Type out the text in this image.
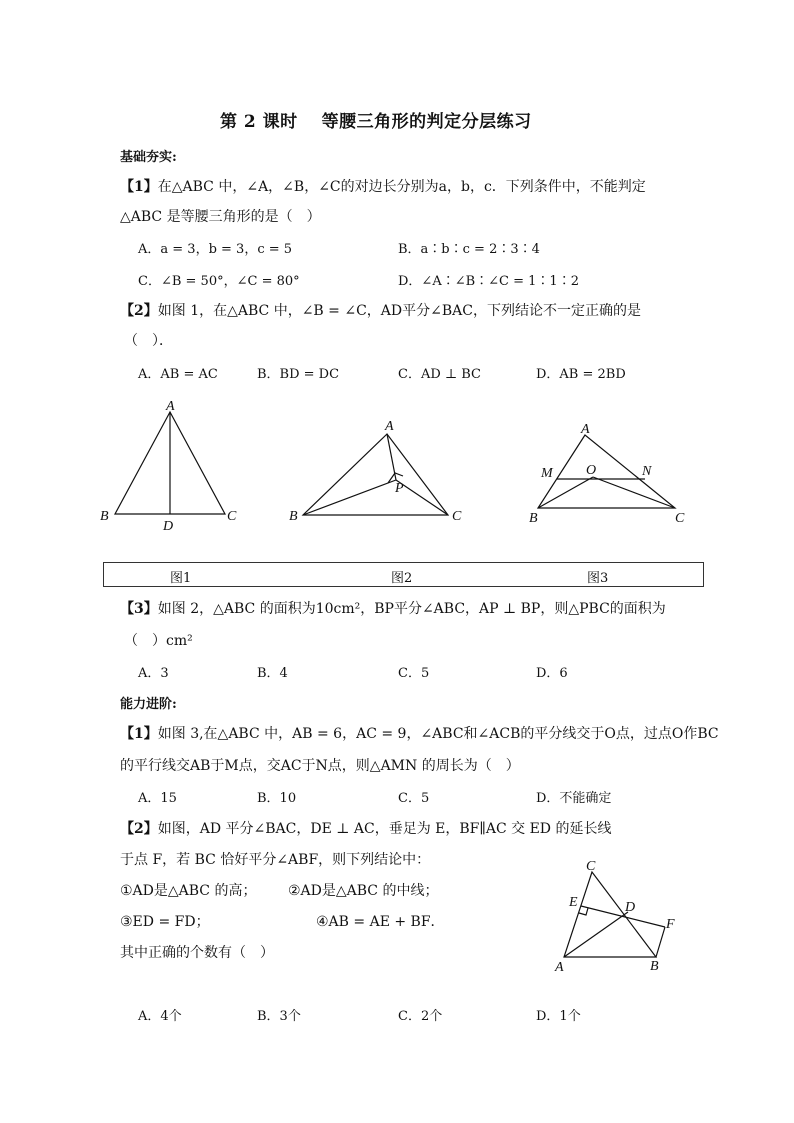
第 2 课时　 等腰三角形的判定分层练习
基础夯实:
【1】在△ABC 中，∠A，∠B，∠C的对边长分别为a，b，c．下列条件中，不能判定
△ABC 是等腰三角形的是（　）
A．a = 3，b = 3，c = 5	B．a∶b∶c = 2∶3∶4
C．∠B = 50°，∠C = 80°	D．∠A∶∠B∶∠C = 1∶1∶2
【2】如图 1，在△ABC 中，∠B = ∠C，AD平分∠BAC，下列结论不一定正确的是
（　）．
A．AB = AC	B．BD = DC	C．AD ⊥ BC	D．AB = 2BD
A
B	C
D
A
B	C
P
A
B	C
M	N
O
图1	图2	图3
【3】如图 2，△ABC 的面积为10cm²，BP平分∠ABC，AP ⊥ BP，则△PBC的面积为
（　）cm²
A．3	B．4	C．5	D．6
能力进阶:
【1】如图 3,在△ABC 中，AB = 6，AC = 9，∠ABC和∠ACB的平分线交于O点，过点O作BC
的平行线交AB于M点，交AC于N点，则△AMN 的周长为（　）
A．15	B．10	C．5	D．不能确定
【2】如图，AD 平分∠BAC，DE ⊥ AC，垂足为 E，BF∥AC 交 ED 的延长线
于点 F，若 BC 恰好平分∠ABF，则下列结论中：
①AD是△ABC 的高； ②AD是△ABC 的中线；
③ED = FD；	④AB = AE + BF．
其中正确的个数有（　）
A．4个	B．3个	C．2个	D．1个
C
A	B
D
E
F
